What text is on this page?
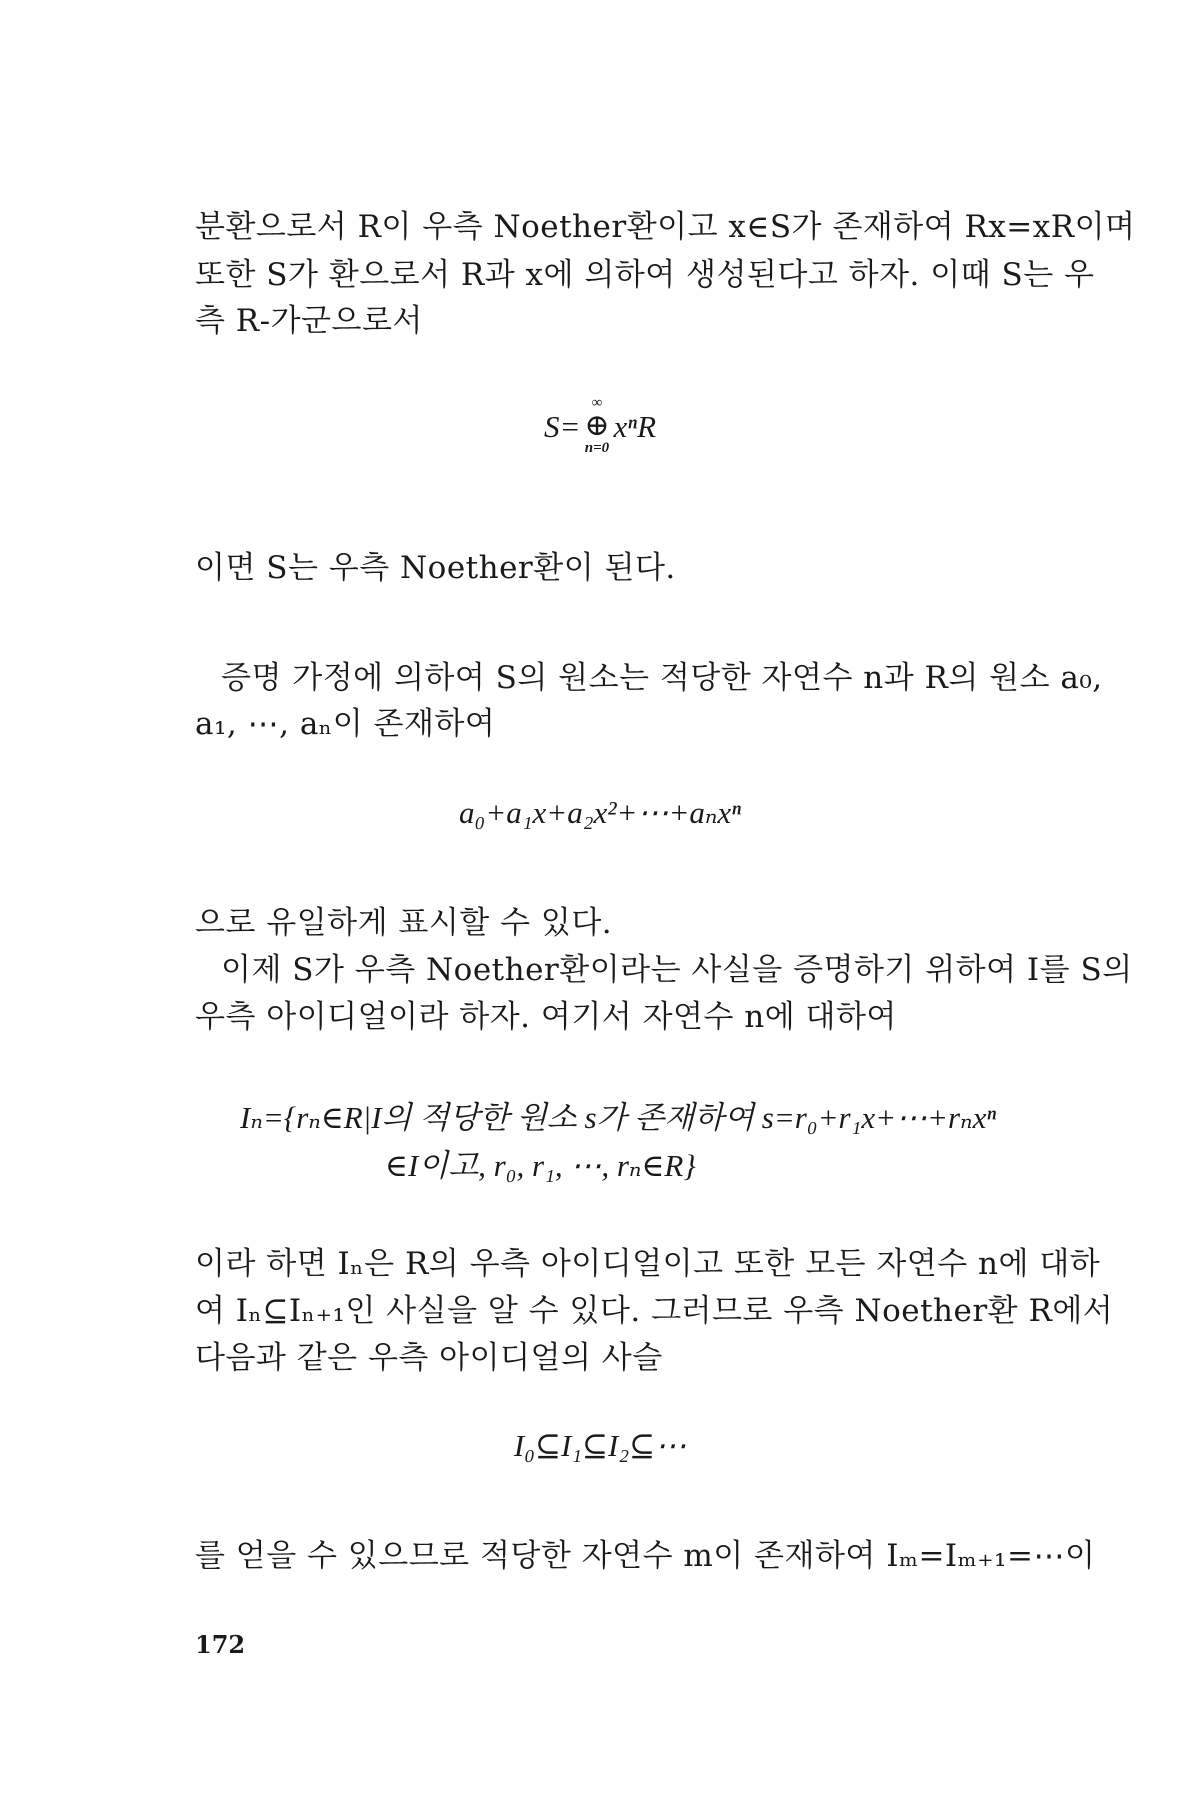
분환으로서 R이 우측 Noether환이고 x∈S가 존재하여 Rx=xR이며
또한 S가 환으로서 R과 x에 의하여 생성된다고 하자. 이때 S는 우
측 R-가군으로서
S=
∞
⊕
n=0
xⁿR
이면 S는 우측 Noether환이 된다.
증명 가정에 의하여 S의 원소는 적당한 자연수 n과 R의 원소 a₀,
a₁, ⋯, aₙ이 존재하여
a₀+a₁x+a₂x²+⋯+aₙxⁿ
으로 유일하게 표시할 수 있다.
이제 S가 우측 Noether환이라는 사실을 증명하기 위하여 I를 S의
우측 아이디얼이라 하자. 여기서 자연수 n에 대하여
Iₙ={rₙ∈R|I의 적당한 원소 s가 존재하여 s=r₀+r₁x+⋯+rₙxⁿ
∈I이고, r₀, r₁, ⋯, rₙ∈R}
이라 하면 Iₙ은 R의 우측 아이디얼이고 또한 모든 자연수 n에 대하
여 Iₙ⊆Iₙ₊₁인 사실을 알 수 있다. 그러므로 우측 Noether환 R에서
다음과 같은 우측 아이디얼의 사슬
I₀⊆I₁⊆I₂⊆⋯
를 얻을 수 있으므로 적당한 자연수 m이 존재하여 Iₘ=Iₘ₊₁=⋯이
172
